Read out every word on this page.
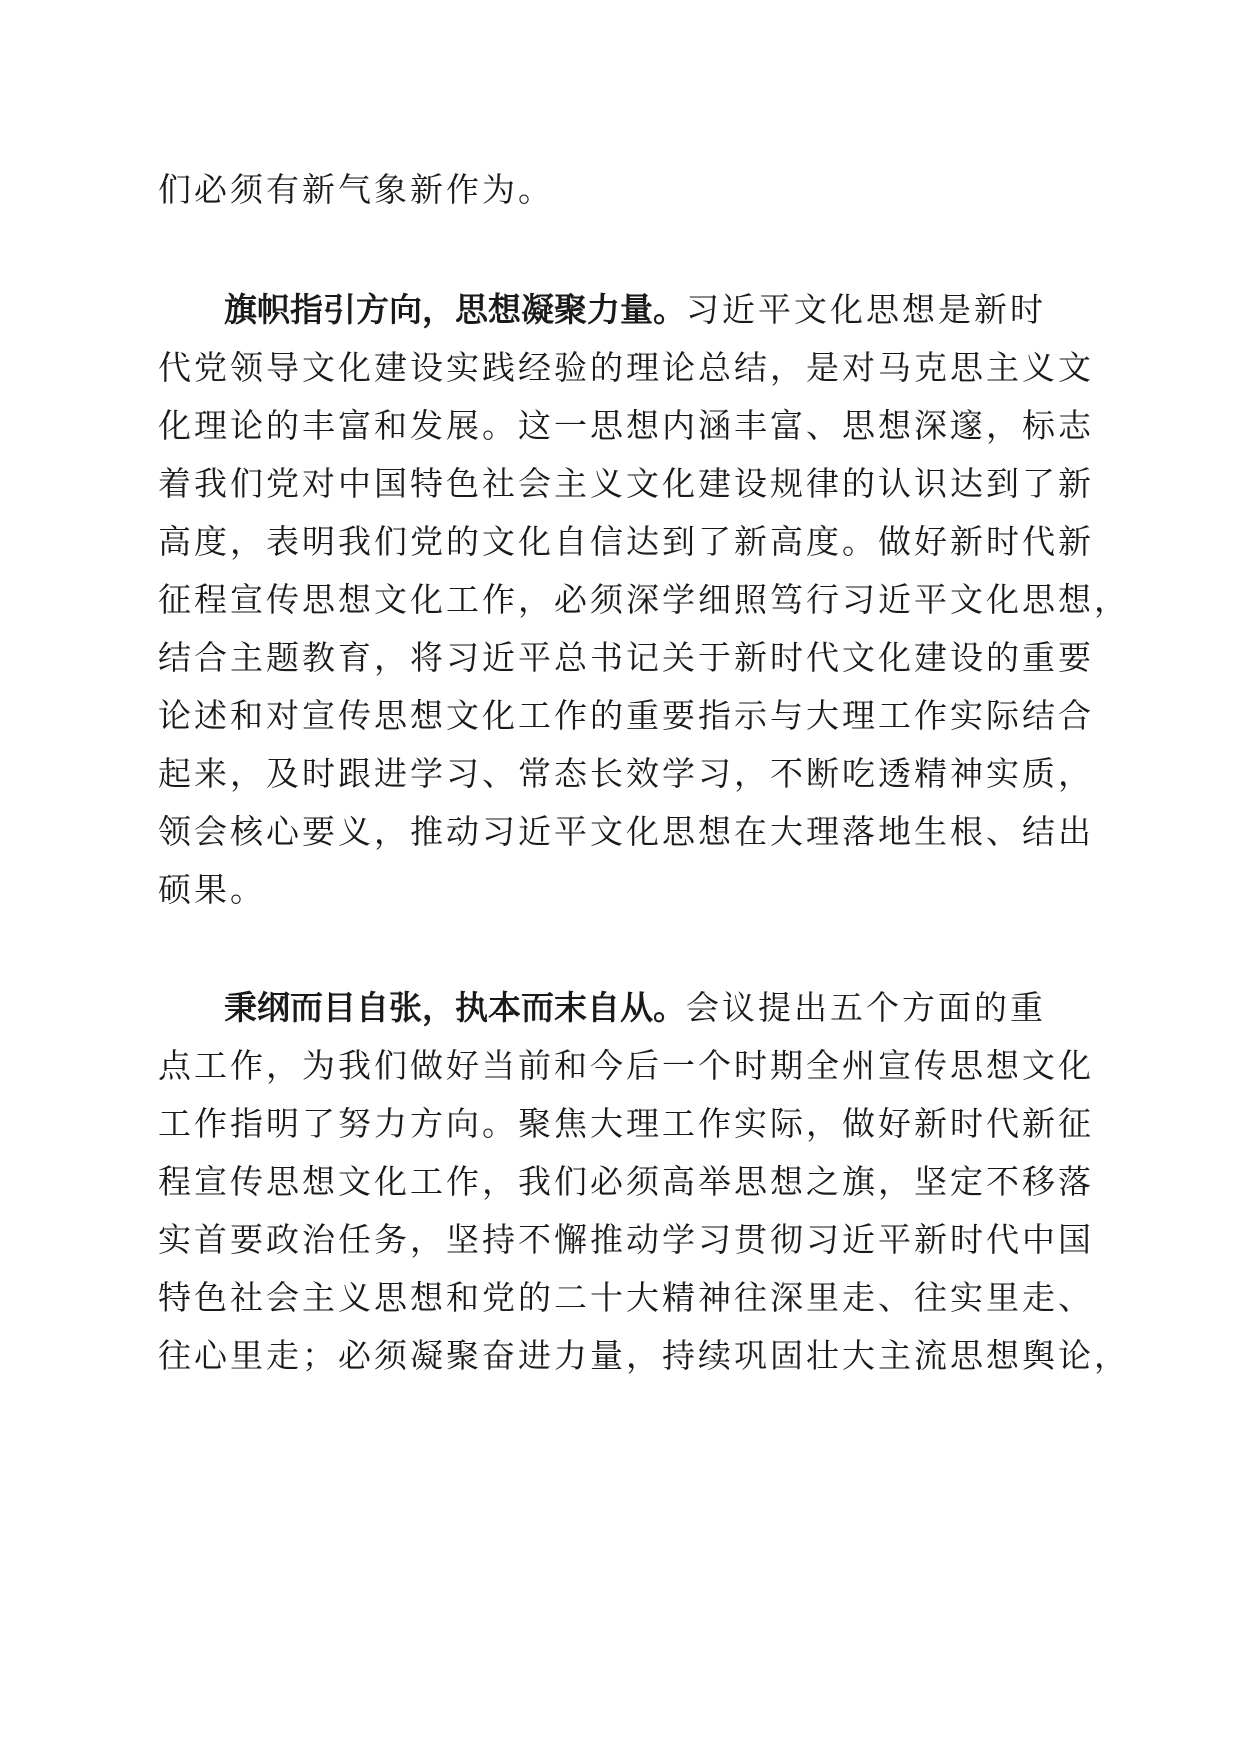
们必须有新气象新作为。
旗帜指引方向，思想凝聚力量。习近平文化思想是新时
代党领导文化建设实践经验的理论总结，是对马克思主义文
化理论的丰富和发展。这一思想内涵丰富、思想深邃，标志
着我们党对中国特色社会主义文化建设规律的认识达到了新
高度，表明我们党的文化自信达到了新高度。做好新时代新
征程宣传思想文化工作，必须深学细照笃行习近平文化思想，
结合主题教育，将习近平总书记关于新时代文化建设的重要
论述和对宣传思想文化工作的重要指示与大理工作实际结合
起来，及时跟进学习、常态长效学习，不断吃透精神实质，
领会核心要义，推动习近平文化思想在大理落地生根、结出
硕果。
秉纲而目自张，执本而末自从。会议提出五个方面的重
点工作，为我们做好当前和今后一个时期全州宣传思想文化
工作指明了努力方向。聚焦大理工作实际，做好新时代新征
程宣传思想文化工作，我们必须高举思想之旗，坚定不移落
实首要政治任务，坚持不懈推动学习贯彻习近平新时代中国
特色社会主义思想和党的二十大精神往深里走、往实里走、
往心里走；必须凝聚奋进力量，持续巩固壮大主流思想舆论，
